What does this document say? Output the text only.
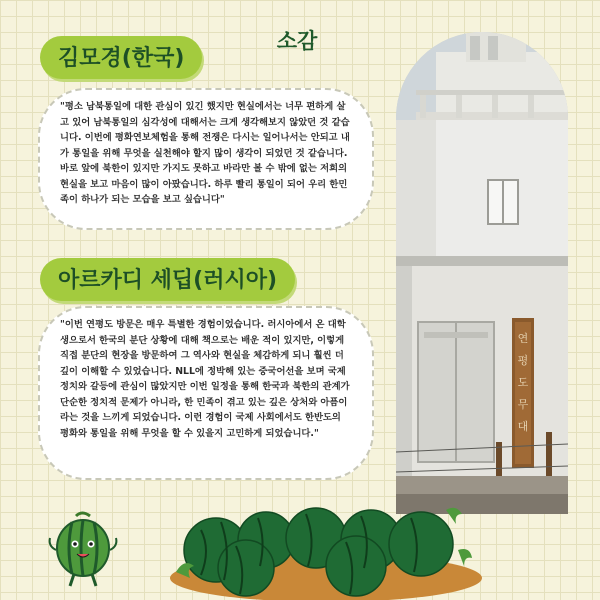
소감
김모경(한국)

"평소 남북통일에 대한 관심이 있긴 했지만 현실에서는 너무 편하게 살고 있어 남북통일의 심각성에 대해서는 크게 생각해보지 않았던 것 같습니다. 이번에 평화연보체험을 통해 전쟁은 다시는 일어나서는 안되고 내가 통일을 위해 무엇을 실천해야 할지 많이 생각이 되었던 것 같습니다. 바로 앞에 북한이 있지만 가지도 못하고 바라만 볼 수 밖에 없는 저희의 현실을 보고 마음이 많이 아팠습니다. 하루 빨리 통일이 되어 우리 한민족이 하나가 되는 모습을 보고 싶습니다"

아르카디 세딥(러시아)

"이번 연평도 방문은 매우 특별한 경험이었습니다. 러시아에서 온 대학생으로서 한국의 분단 상황에 대해 책으로는 배운 적이 있지만, 이렇게 직접 분단의 현장을 방문하여 그 역사와 현실을 체감하게 되니 훨씬 더 깊이 이해할 수 있었습니다. NLL에 정박해 있는 중국어선을 보며 국제 정치와 갈등에 관심이 많았지만 이번 일정을 통해 한국과 북한의 관계가 단순한 정치적 문제가 아니라, 한 민족이 겪고 있는 깊은 상처와 아픔이라는 것을 느끼게 되었습니다. 이런 경험이 국제 사회에서도 한반도의 평화와 통일을 위해 무엇을 할 수 있을지 고민하게 되었습니다."

연
평
도
무
대
